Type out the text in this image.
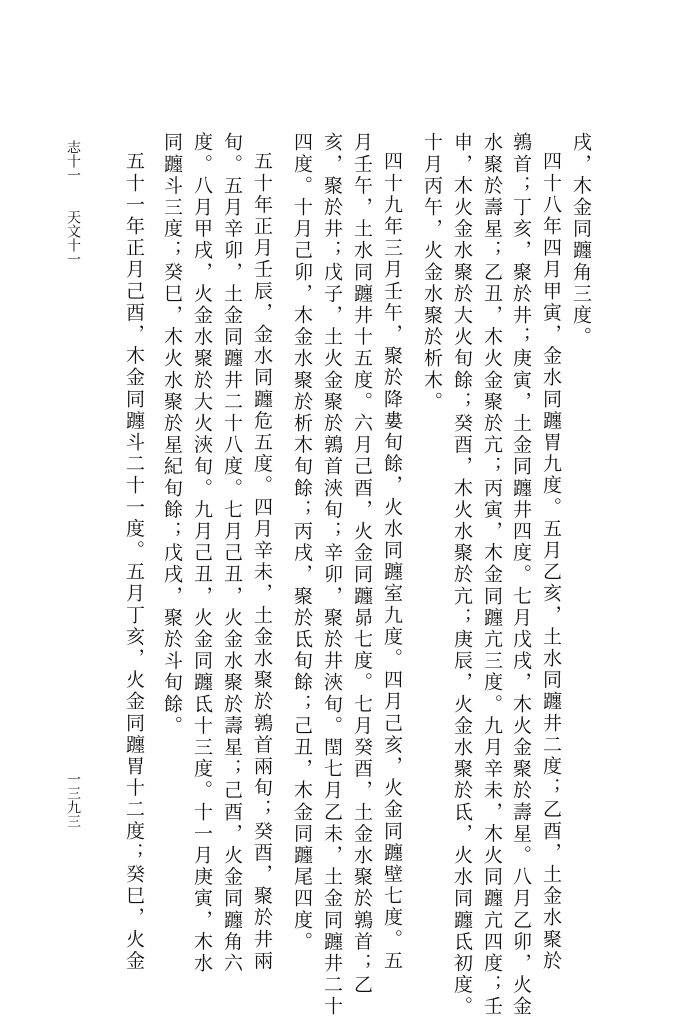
戌，木金同躔角三度。
四十八年四月甲寅，金水同躔胃九度。五月乙亥，土水同躔井二度；乙酉，土金水聚於
鶉首；丁亥，聚於井；庚寅，土金同躔井四度。七月戊戌，木火金聚於壽星。八月乙卯，火金
水聚於壽星；乙丑，木火金聚於亢；丙寅，木金同躔亢三度。九月辛未，木火同躔亢四度；壬
申，木火金水聚於大火旬餘；癸酉，木火水聚於亢；庚辰，火金水聚於氐，火水同躔氐初度。
十月丙午，火金水聚於析木。
四十九年三月壬午，聚於降婁旬餘，火水同躔室九度。四月己亥，火金同躔壁七度。五
月壬午，土水同躔井十五度。六月己酉，火金同躔昴七度。七月癸酉，土金水聚於鶉首；乙
亥，聚於井；戊子，土火金聚於鶉首浹旬；辛卯，聚於井浹旬。閏七月乙未，土金同躔井二十
四度。十月己卯，木金水聚於析木旬餘；丙戌，聚於氐旬餘；己丑，木金同躔尾四度。
五十年正月壬辰，金水同躔危五度。四月辛未，土金水聚於鶉首兩旬；癸酉，聚於井兩
旬。五月辛卯，土金同躔井二十八度。七月己丑，火金水聚於壽星；己酉，火金同躔角六
度。八月甲戌，火金水聚於大火浹旬。九月己丑，火金同躔氐十三度。十一月庚寅，木水
同躔斗三度；癸巳，木火水聚於星紀旬餘；戊戌，聚於斗旬餘。
五十一年正月己酉，木金同躔斗二十一度。五月丁亥，火金同躔胃十二度；癸巳，火金
志十一　　天文十一
一三九三
